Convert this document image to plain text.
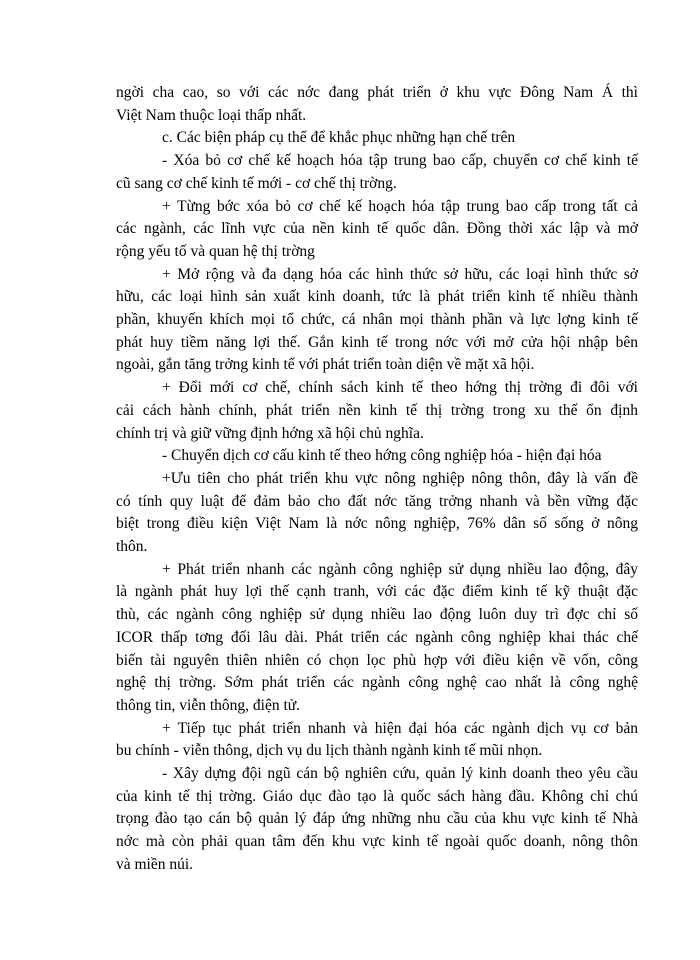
ngời cha cao, so với các nớc đang phát triển ở khu vực Đông Nam Á thì
Việt Nam thuộc loại thấp nhất.
c. Các biện pháp cụ thể để khắc phục những hạn chế trên
- Xóa bỏ cơ chế kế hoạch hóa tập trung bao cấp, chuyển cơ chế kinh tế
cũ sang cơ chế kinh tế mới - cơ chế thị trờng.
+ Từng bớc xóa bỏ cơ chế kế hoạch hóa tập trung bao cấp trong tất cả
các ngành, các lĩnh vực của nền kinh tế quốc dân. Đồng thời xác lập và mở
rộng yếu tố và quan hệ thị trờng
+ Mở rộng và đa dạng hóa các hình thức sở hữu, các loại hình thức sở
hữu, các loại hình sản xuất kinh doanh, tức là phát triển kinh tế nhiều thành
phần, khuyến khích mọi tổ chức, cá nhân mọi thành phần và lực lợng kinh tế
phát huy tiềm năng lợi thế. Gắn kinh tế trong nớc với mở cửa hội nhập bên
ngoài, gắn tăng trởng kinh tế với phát triển toàn diện về mặt xã hội.
+ Đổi mới cơ chế, chính sách kinh tế theo hớng thị trờng đi đôi với
cải cách hành chính, phát triển nền kinh tế thị trờng trong xu thế ổn định
chính trị và giữ vững định hớng xã hội chủ nghĩa.
- Chuyển dịch cơ cấu kinh tế theo hớng công nghiệp hóa - hiện đại hóa
+Ưu tiên cho phát triển khu vực nông nghiệp nông thôn, đây là vấn đề
có tính quy luật để đảm bảo cho đất nớc tăng trởng nhanh và bền vững đặc
biệt trong điều kiện Việt Nam là nớc nông nghiệp, 76% dân số sống ở nông
thôn.
+ Phát triển nhanh các ngành công nghiệp sử dụng nhiều lao động, đây
là ngành phát huy lợi thế cạnh tranh, với các đặc điểm kinh tế kỹ thuật đặc
thù, các ngành công nghiệp sử dụng nhiều lao động luôn duy trì đợc chỉ số
ICOR thấp tơng đối lâu dài. Phát triển các ngành công nghiệp khai thác chế
biến tài nguyên thiên nhiên có chọn lọc phù hợp với điều kiện về vốn, công
nghệ thị trờng. Sớm phát triển các ngành công nghệ cao nhất là công nghệ
thông tin, viễn thông, điện tử.
+ Tiếp tục phát triển nhanh và hiện đại hóa các ngành dịch vụ cơ bản
bu chính - viễn thông, dịch vụ du lịch thành ngành kinh tế mũi nhọn.
- Xây dựng đội ngũ cán bộ nghiên cứu, quản lý kinh doanh theo yêu cầu
của kinh tế thị trờng. Giáo dục đào tạo là quốc sách hàng đầu. Không chỉ chú
trọng đào tạo cán bộ quản lý đáp ứng những nhu cầu của khu vực kinh tế Nhà
nớc mà còn phải quan tâm đến khu vực kinh tế ngoài quốc doanh, nông thôn
và miền núi.
